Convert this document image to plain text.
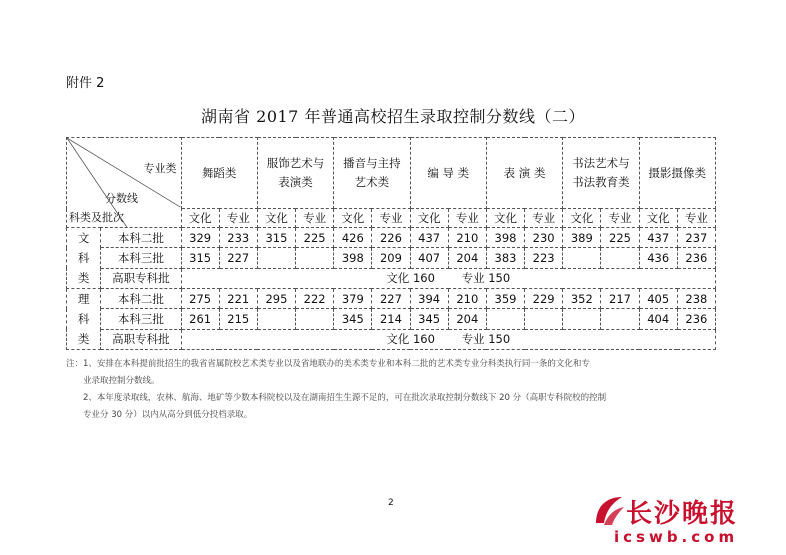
附件 2
湖南省 2017 年普通高校招生录取控制分数线（二）
专业类
分数线
科类及批次		舞蹈类		服饰艺术与表演类		播音与主持艺术类		编 导 类		表 演 类		书法艺术与书法教育类		摄影摄像类	
		文化	专业	文化	专业	文化	专业	文化	专业	文化	专业	文化	专业	文化	专业

文
科
类	本科二批	329	233	315	225	426	226	437	210	398	230	389	225	437	237
	本科三批	315	227			398	209	407	204	383	223			436	236
	高职专科批	文化 160　　 专业 150													

理
科
类	本科二批	275	221	295	222	379	227	394	210	359	229	352	217	405	238
	本科三批	261	215			345	214	345	204					404	236
	高职专科批	文化 160　　 专业 150													
注：1、安排在本科提前批招生的我省省属院校艺术类专业以及省地联办的美术类专业和本科二批的艺术类专业分科类执行同一条的文化和专
　　业录取控制分数线。
　　2、本年度录取线，农林、航海、地矿等少数本科院校以及在湖南招生生源不足的，可在批次录取控制分数线下 20 分（高职专科院校的控制
　　专业分 30 分）以内从高分到低分投档录取。
2	长沙晚报
icswb.com
